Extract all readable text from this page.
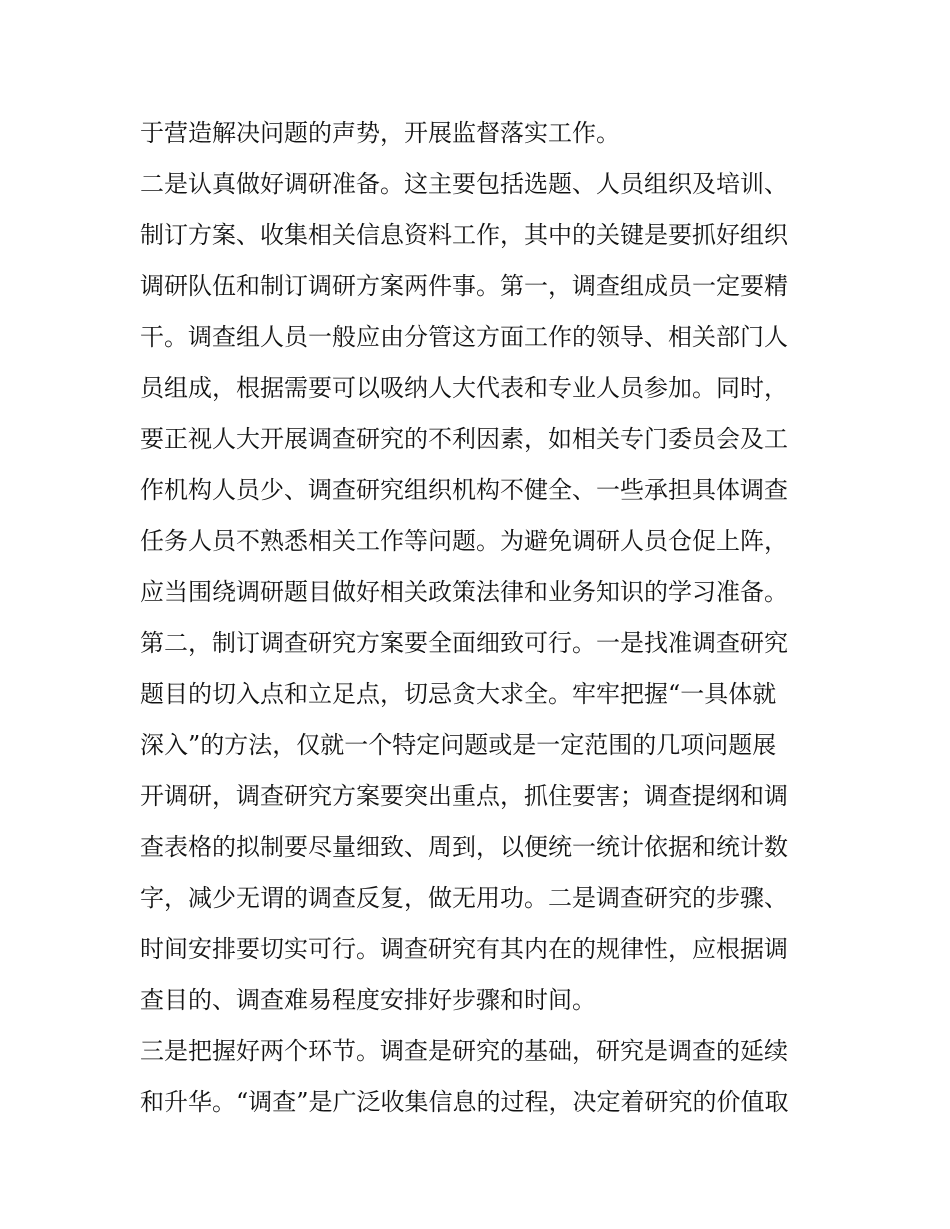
于营造解决问题的声势，开展监督落实工作。
二是认真做好调研准备。这主要包括选题、人员组织及培训、
制订方案、收集相关信息资料工作，其中的关键是要抓好组织
调研队伍和制订调研方案两件事。第一，调查组成员一定要精
干。调查组人员一般应由分管这方面工作的领导、相关部门人
员组成，根据需要可以吸纳人大代表和专业人员参加。同时，
要正视人大开展调查研究的不利因素，如相关专门委员会及工
作机构人员少、调查研究组织机构不健全、一些承担具体调查
任务人员不熟悉相关工作等问题。为避免调研人员仓促上阵，
应当围绕调研题目做好相关政策法律和业务知识的学习准备。
第二，制订调查研究方案要全面细致可行。一是找准调查研究
题目的切入点和立足点，切忌贪大求全。牢牢把握“一具体就
深入”的方法，仅就一个特定问题或是一定范围的几项问题展
开调研，调查研究方案要突出重点，抓住要害；调查提纲和调
查表格的拟制要尽量细致、周到，以便统一统计依据和统计数
字，减少无谓的调查反复，做无用功。二是调查研究的步骤、
时间安排要切实可行。调查研究有其内在的规律性，应根据调
查目的、调查难易程度安排好步骤和时间。
三是把握好两个环节。调查是研究的基础，研究是调查的延续
和升华。“调查”是广泛收集信息的过程，决定着研究的价值取
